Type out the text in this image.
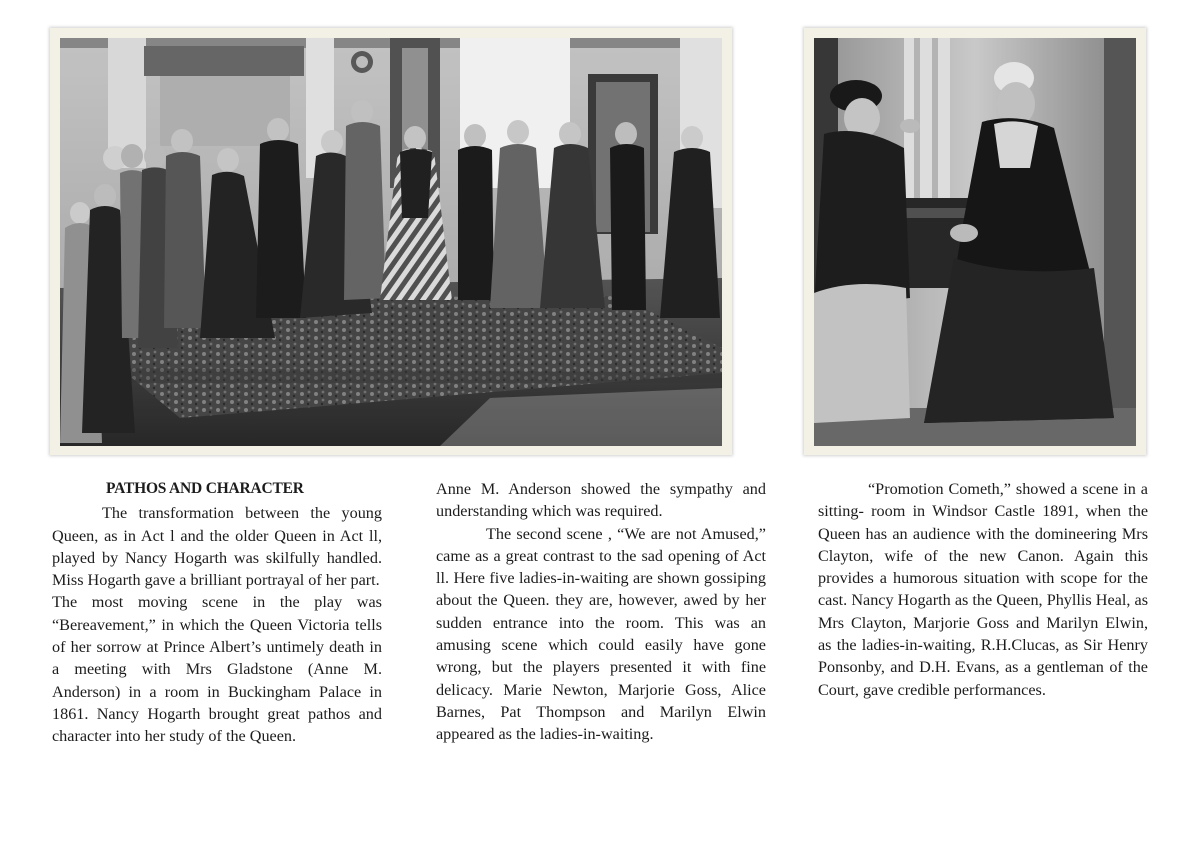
PATHOS AND CHARACTER

The transformation between the young Queen, as in Act l and the older Queen in Act ll, played by Nancy Hogarth was skilfully handled. Miss Hogarth gave a brilliant portrayal of her part.

The most moving scene in the play was “Bereavement,” in which the Queen Victoria tells of her sorrow at Prince Albert’s untimely death in a meeting with Mrs Gladstone (Anne M. Anderson) in a room in Buckingham Palace in 1861. Nancy Hogarth brought great pathos and character into her study of the Queen.

Anne M. Anderson showed the sympathy and understanding which was required.

The second scene , “We are not Amused,” came as a great contrast to the sad opening of Act ll. Here five ladies-in-waiting are shown gossiping about the Queen. they are, however, awed by her sudden entrance into the room. This was an amusing scene which could easily have gone wrong, but the players presented it with fine delicacy. Marie Newton, Marjorie Goss, Alice Barnes, Pat Thompson and Marilyn Elwin appeared as the ladies-in-waiting.

“Promotion Cometh,” showed a scene in a sitting- room in Windsor Castle 1891, when the Queen has an audience with the domineering Mrs Clayton, wife of the new Canon. Again this provides a humorous situation with scope for the cast. Nancy Hogarth as the Queen, Phyllis Heal, as Mrs Clayton, Marjorie Goss and Marilyn Elwin, as the ladies-in-waiting, R.H.Clucas, as Sir Henry Ponsonby, and D.H. Evans, as a gentleman of the Court, gave credible performances.
